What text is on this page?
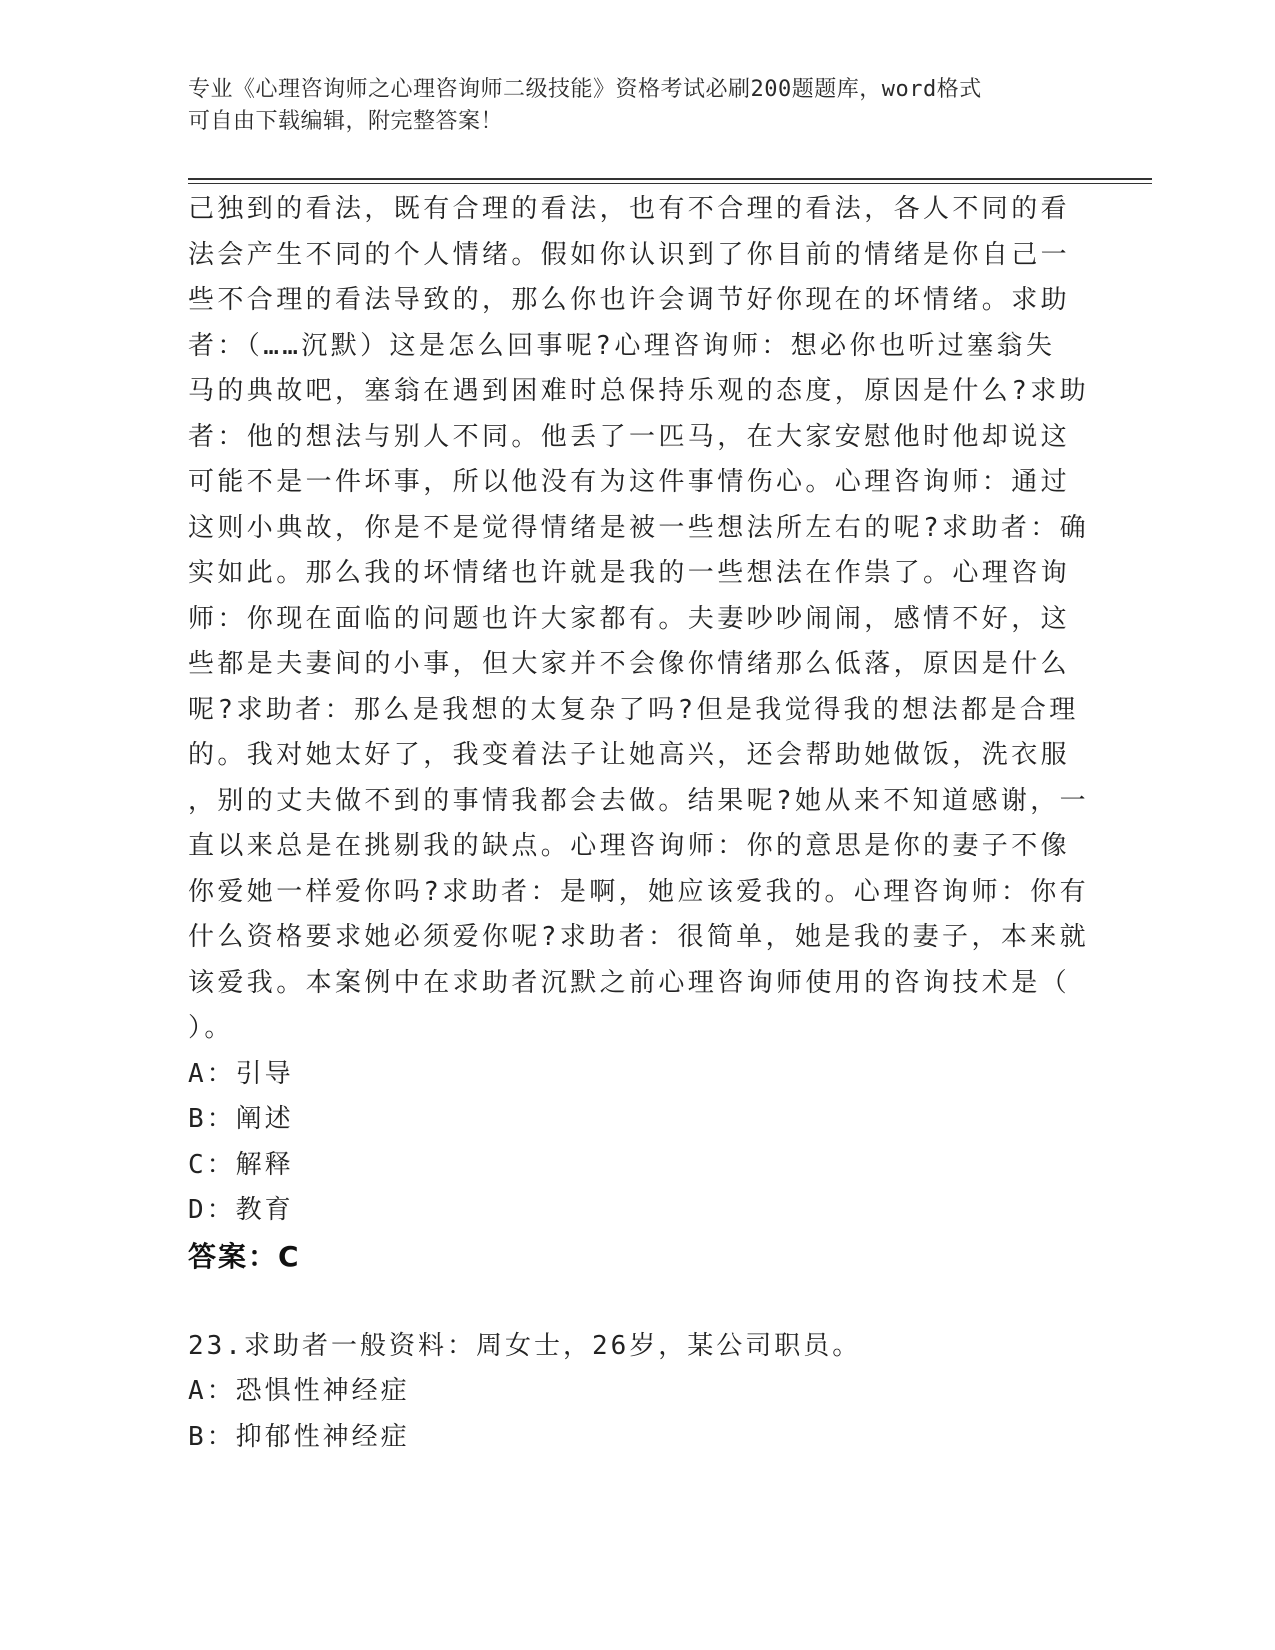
专业《心理咨询师之心理咨询师二级技能》资格考试必刷200题题库，word格式
可自由下载编辑，附完整答案！
己独到的看法，既有合理的看法，也有不合理的看法，各人不同的看
法会产生不同的个人情绪。假如你认识到了你目前的情绪是你自己一
些不合理的看法导致的，那么你也许会调节好你现在的坏情绪。求助
者：（……沉默）这是怎么回事呢?心理咨询师：想必你也听过塞翁失
马的典故吧，塞翁在遇到困难时总保持乐观的态度，原因是什么?求助
者：他的想法与别人不同。他丢了一匹马，在大家安慰他时他却说这
可能不是一件坏事，所以他没有为这件事情伤心。心理咨询师：通过
这则小典故，你是不是觉得情绪是被一些想法所左右的呢?求助者：确
实如此。那么我的坏情绪也许就是我的一些想法在作祟了。心理咨询
师：你现在面临的问题也许大家都有。夫妻吵吵闹闹，感情不好，这
些都是夫妻间的小事，但大家并不会像你情绪那么低落，原因是什么
呢?求助者：那么是我想的太复杂了吗?但是我觉得我的想法都是合理
的。我对她太好了，我变着法子让她高兴，还会帮助她做饭，洗衣服
，别的丈夫做不到的事情我都会去做。结果呢?她从来不知道感谢，一
直以来总是在挑剔我的缺点。心理咨询师：你的意思是你的妻子不像
你爱她一样爱你吗?求助者：是啊，她应该爱我的。心理咨询师：你有
什么资格要求她必须爱你呢?求助者：很简单，她是我的妻子，本来就
该爱我。本案例中在求助者沉默之前心理咨询师使用的咨询技术是（
）。
A：引导
B：阐述
C：解释
D：教育
答案：C
23.求助者一般资料：周女士，26岁，某公司职员。
A：恐惧性神经症
B：抑郁性神经症
